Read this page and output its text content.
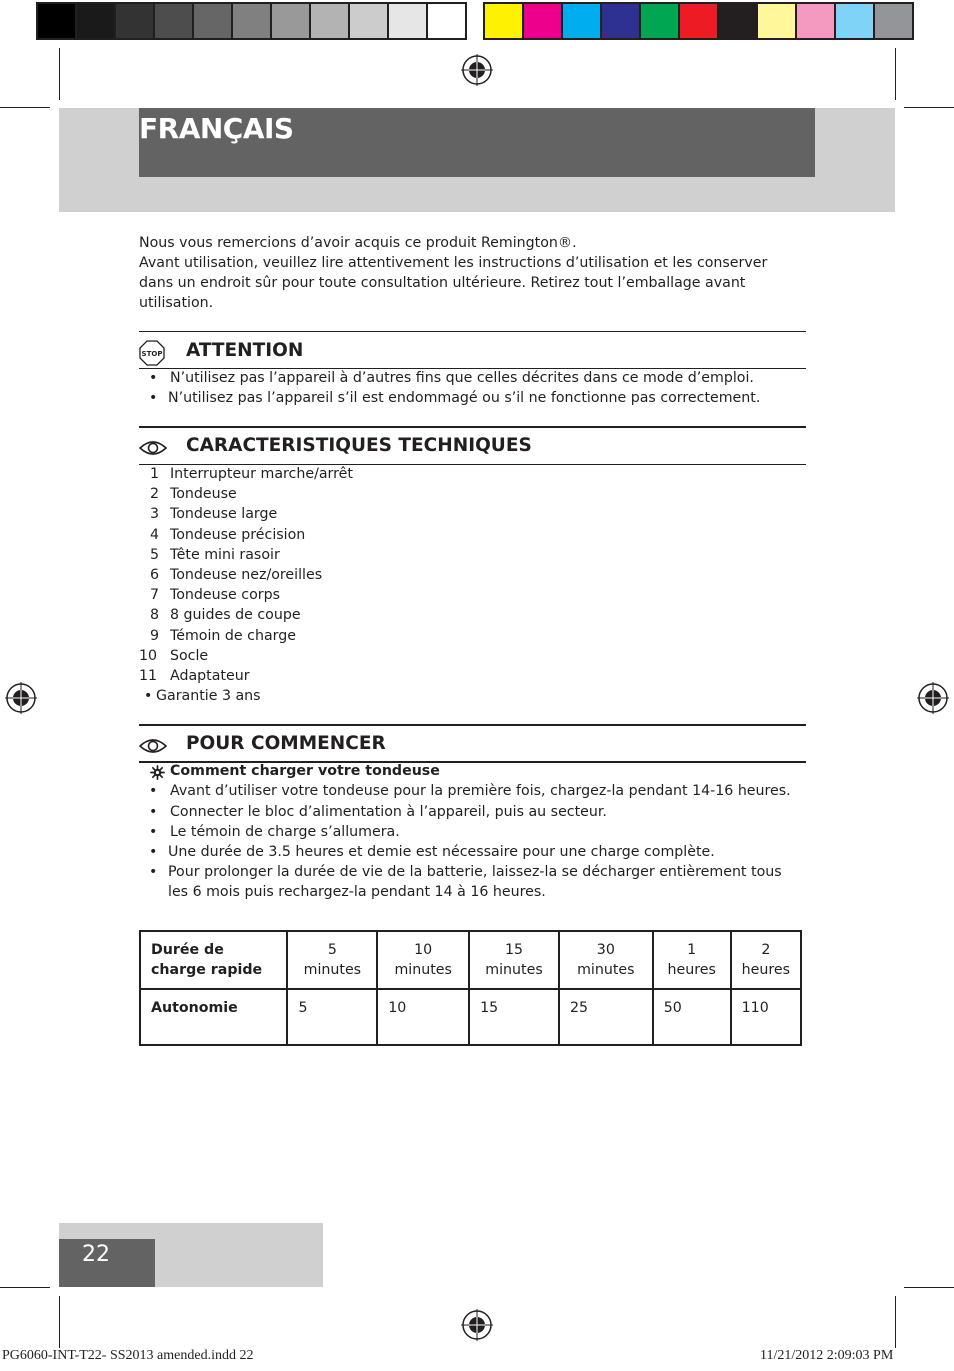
FRANÇAIS

Nous vous remercions d’avoir acquis ce produit Remington®.

Avant utilisation, veuillez lire attentivement les instructions d’utilisation et les conserver dans un endroit sûr pour toute consultation ultérieure. Retirez tout l’emballage avant utilisation.

STOP ATTENTION
• N’utilisez pas l’appareil à d’autres fins que celles décrites dans ce mode d’emploi.
• N’utilisez pas l’appareil s’il est endommagé ou s’il ne fonctionne pas correctement.
CARACTERISTIQUES TECHNIQUES
1 Interrupteur marche/arrêt
2 Tondeuse
3 Tondeuse large
4 Tondeuse précision
5 Tête mini rasoir
6 Tondeuse nez/oreilles
7 Tondeuse corps
8 8 guides de coupe
9 Témoin de charge
10 Socle
11 Adaptateur
• Garantie 3 ans
POUR COMMENCER
Comment charger votre tondeuse
• Avant d’utiliser votre tondeuse pour la première fois, chargez-la pendant 14-16 heures.
• Connecter le bloc d’alimentation à l’appareil, puis au secteur.
• Le témoin de charge s’allumera.
• Une durée de 3.5 heures et demie est nécessaire pour une charge complète.
• Pour prolonger la durée de vie de la batterie, laissez-la se décharger entièrement tous les 6 mois puis rechargez-la pendant 14 à 16 heures.
Durée de charge rapide	5 minutes	10 minutes	15 minutes	30 minutes	1 heures	2 heures
Autonomie	5	10	15	25	50	110
22
PG6060-INT-T22- SS2013 amended.indd 22	11/21/2012 2:09:03 PM
